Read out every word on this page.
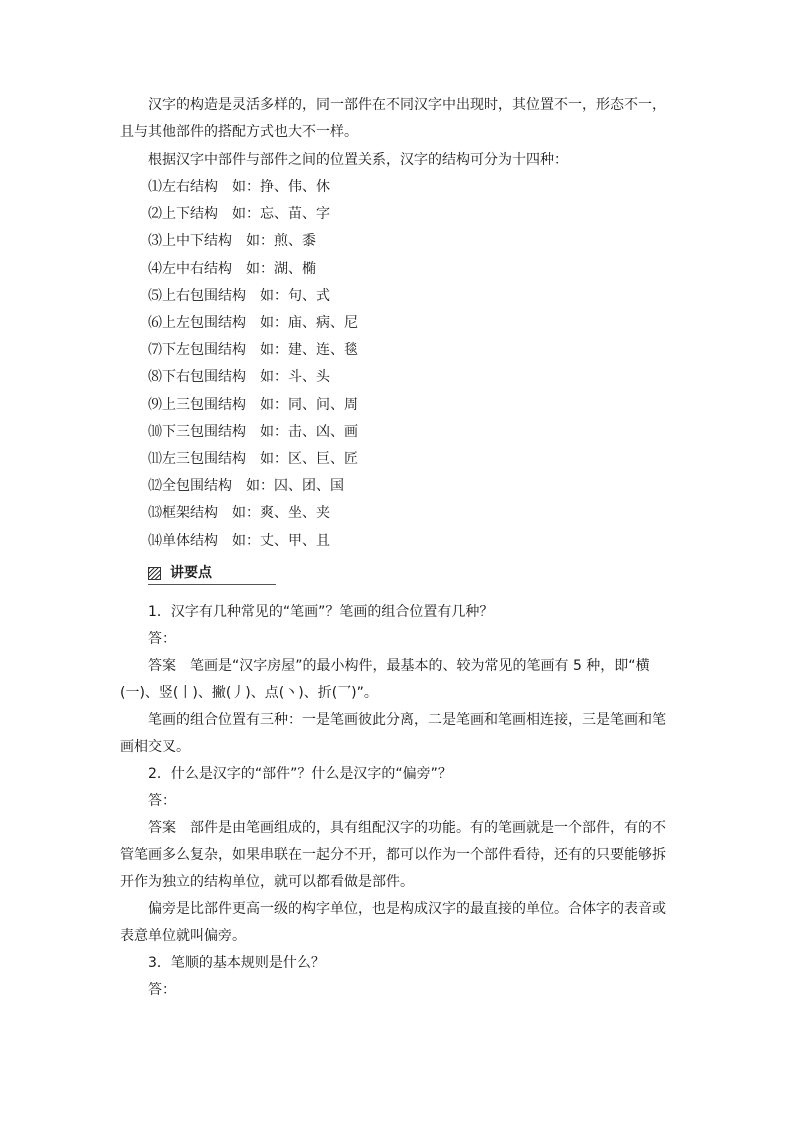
汉字的构造是灵活多样的，同一部件在不同汉字中出现时，其位置不一，形态不一，且与其他部件的搭配方式也大不一样。

根据汉字中部件与部件之间的位置关系，汉字的结构可分为十四种：

⑴左右结构 如：挣、伟、休
⑵上下结构 如：忘、苗、字
⑶上中下结构 如：煎、黍
⑷左中右结构 如：湖、椭
⑸上右包围结构 如：句、式
⑹上左包围结构 如：庙、病、尼
⑺下左包围结构 如：建、连、毯
⑻下右包围结构 如：斗、头
⑼上三包围结构 如：同、问、周
⑽下三包围结构 如：击、凶、画
⑾左三包围结构 如：区、巨、匠
⑿全包围结构 如：囚、团、国
⒀框架结构 如：爽、坐、夹
⒁单体结构 如：丈、甲、且
讲要点
1．汉字有几种常见的“笔画”？笔画的组合位置有几种？
答：

答案　笔画是“汉字房屋”的最小构件，最基本的、较为常见的笔画有 5 种，即“横(一)、竖(丨)、撇(丿)、点(丶)、折(乛)”。

笔画的组合位置有三种：一是笔画彼此分离，二是笔画和笔画相连接，三是笔画和笔画相交叉。

2．什么是汉字的“部件”？什么是汉字的“偏旁”？
答：

答案　部件是由笔画组成的，具有组配汉字的功能。有的笔画就是一个部件，有的不管笔画多么复杂，如果串联在一起分不开，都可以作为一个部件看待，还有的只要能够拆开作为独立的结构单位，就可以都看做是部件。

偏旁是比部件更高一级的构字单位，也是构成汉字的最直接的单位。合体字的表音或表意单位就叫偏旁。

3．笔顺的基本规则是什么？
答：
